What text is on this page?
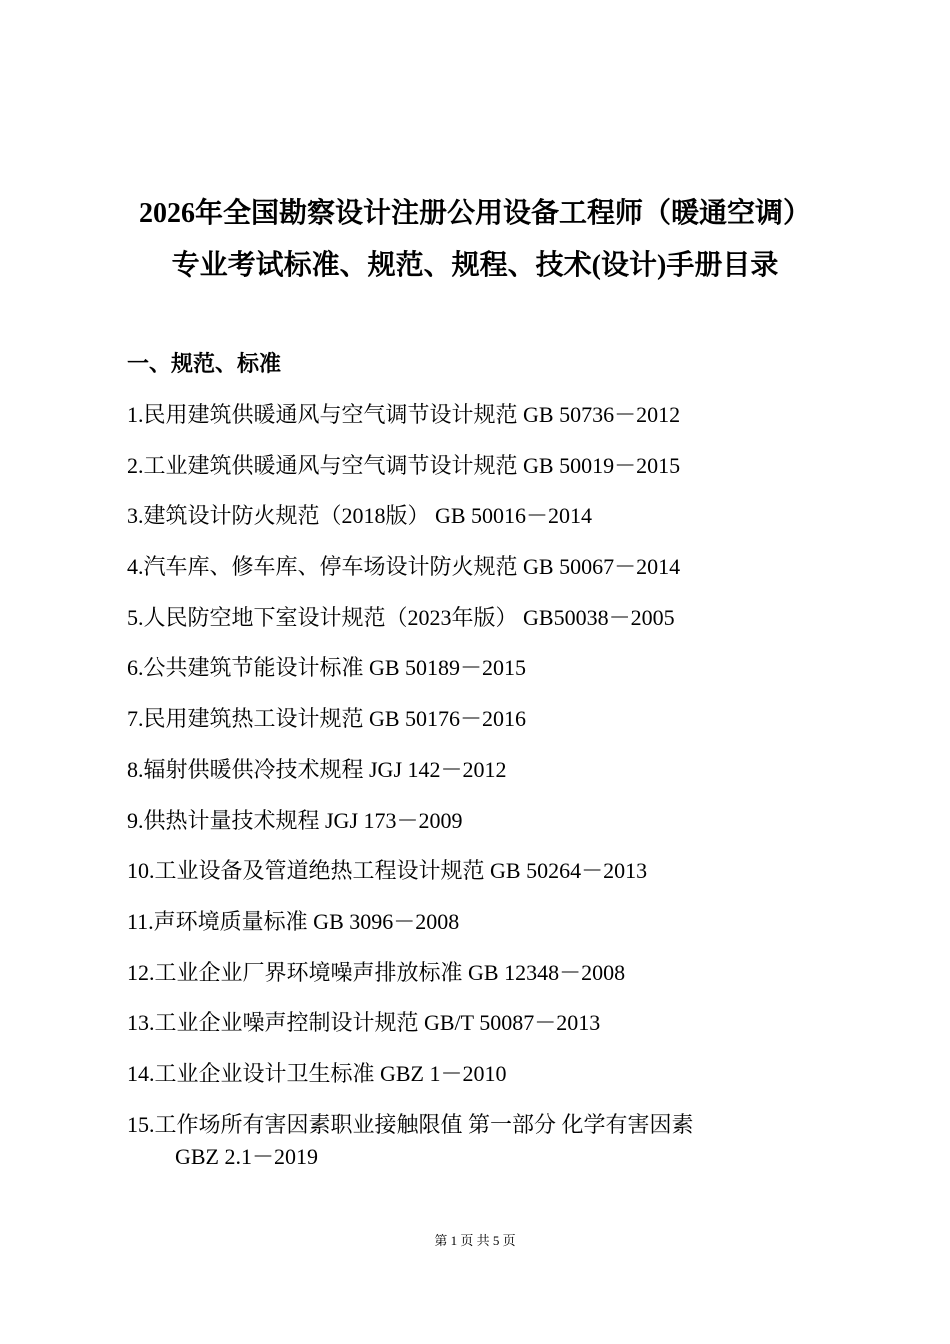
2026年全国勘察设计注册公用设备工程师（暖通空调）
专业考试标准、规范、规程、技术(设计)手册目录
一、规范、标准
1.民用建筑供暖通风与空气调节设计规范 GB 50736－2012
2.工业建筑供暖通风与空气调节设计规范 GB 50019－2015
3.建筑设计防火规范（2018版） GB 50016－2014
4.汽车库、修车库、停车场设计防火规范 GB 50067－2014
5.人民防空地下室设计规范（2023年版） GB50038－2005
6.公共建筑节能设计标准 GB 50189－2015
7.民用建筑热工设计规范 GB 50176－2016
8.辐射供暖供冷技术规程 JGJ 142－2012
9.供热计量技术规程 JGJ 173－2009
10.工业设备及管道绝热工程设计规范 GB 50264－2013
11.声环境质量标准 GB 3096－2008
12.工业企业厂界环境噪声排放标准 GB 12348－2008
13.工业企业噪声控制设计规范 GB/T 50087－2013
14.工业企业设计卫生标准 GBZ 1－2010
15.工作场所有害因素职业接触限值 第一部分 化学有害因素
GBZ 2.1－2019
第 1 页 共 5 页
